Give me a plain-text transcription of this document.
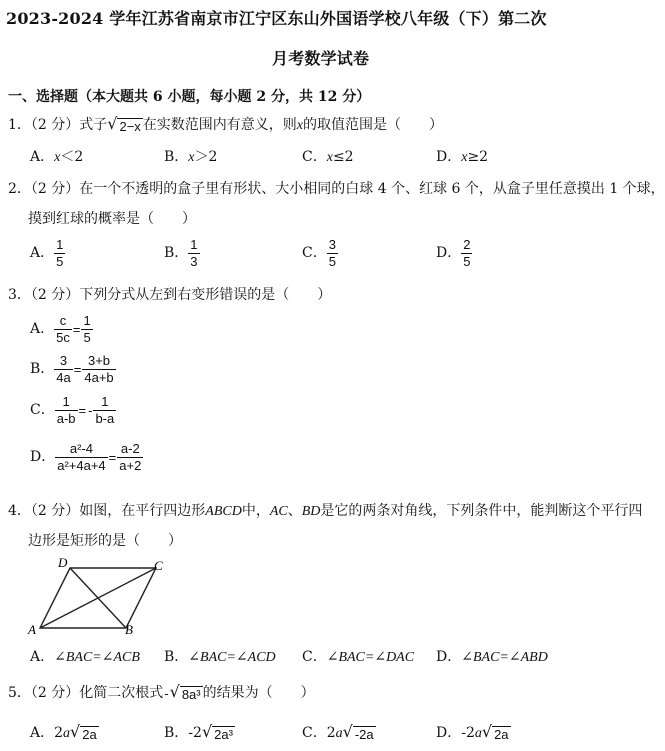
2023-2024 学年江苏省南京市江宁区东山外国语学校八年级（下）第二次
月考数学试卷
一、选择题（本大题共 6 小题，每小题 2 分，共 12 分）
1．（2 分）式子 √ 2−x 在实数范围内有意义，则x的取值范围是（　　）
A．x＜2	B．x＞2	C．x≤2	D．x≥2
2．（2 分）在一个不透明的盒子里有形状、大小相同的白球 4 个、红球 6 个，从盒子里任意摸出 1 个球，
摸到红球的概率是（　　）
A． $\frac{1}{5}$	B． $\frac{1}{3}$	C． $\frac{3}{5}$	D． $\frac{2}{5}$
3．（2 分）下列分式从左到右变形错误的是（　　）
A． $\frac{c}{5c} = \frac{1}{5}$
B． $\frac{3}{4a} = \frac{3+b}{4a+b}$
C． $\frac{1}{a-b}$ = - $\frac{1}{b-a}$
D． $\frac{\text{a²-4}}{\text{a²+4a+4}} = \frac{a-2}{a+2}$
4．（2 分）如图，在平行四边形ABCD中，AC、BD是它的两条对角线，下列条件中，能判断这个平行四
边形是矩形的是（　　）
A	B
C
D
A．∠BAC=∠ACB B．∠BAC=∠ACD C．∠BAC=∠DAC D．∠BAC=∠ABD
5．（2 分）化简二次根式- √ 8a³ 的结果为（　　）
A．2a √ 2a	B．-2 √ 2a³	C．2a √ -2a	D．-2a √ 2a
